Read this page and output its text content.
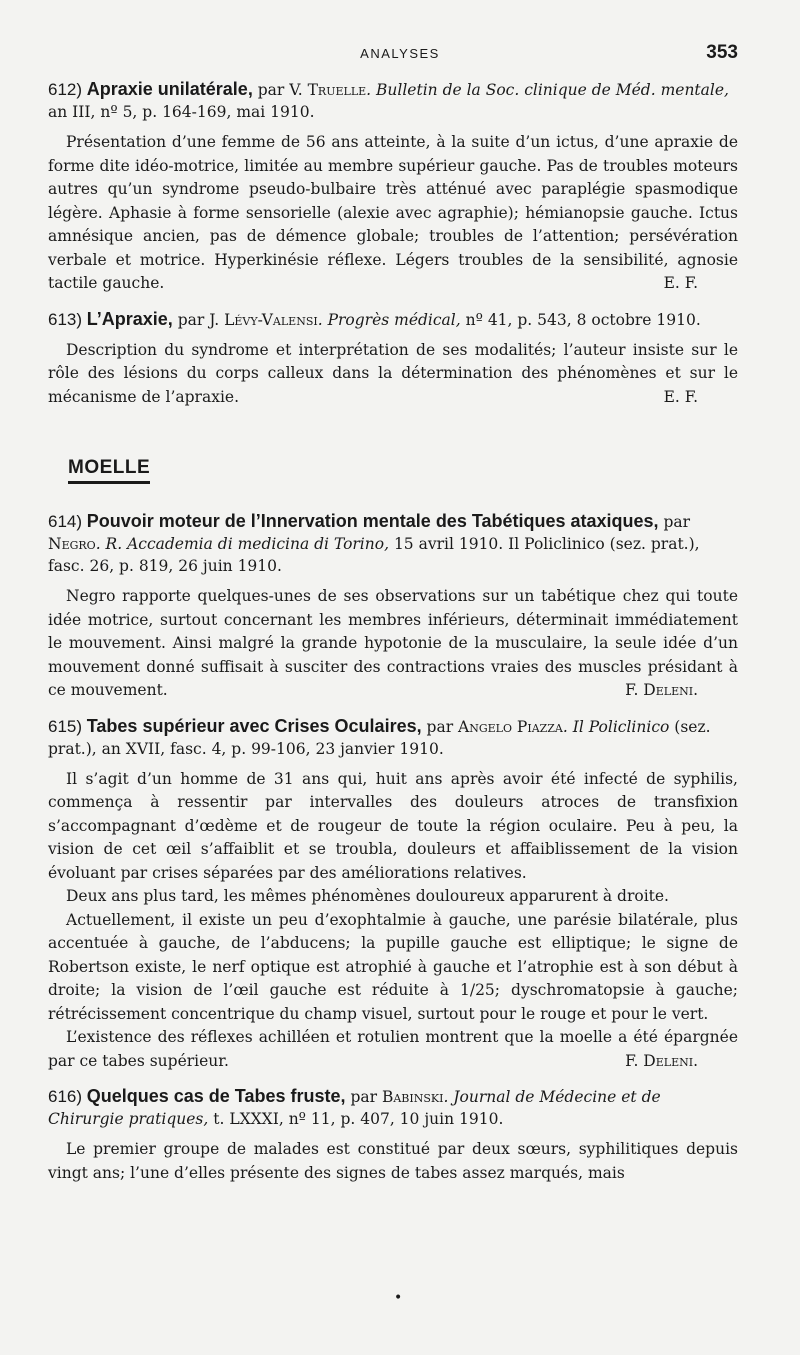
ANALYSES	353

612) Apraxie unilatérale, par V. Truelle. Bulletin de la Soc. clinique de Méd. mentale, an III, nº 5, p. 164-169, mai 1910.

Présentation d’une femme de 56 ans atteinte, à la suite d’un ictus, d’une apraxie de forme dite idéo-motrice, limitée au membre supérieur gauche. Pas de troubles moteurs autres qu’un syndrome pseudo-bulbaire très atténué avec paraplégie spasmodique légère. Aphasie à forme sensorielle (alexie avec agraphie); hémianopsie gauche. Ictus amnésique ancien, pas de démence globale; troubles de l’attention; persévération verbale et motrice. Hyperkinésie réflexe. Légers troubles de la sensibilité, agnosie tactile gauche.	E. F.

613) L’Apraxie, par J. Lévy-Valensi. Progrès médical, nº 41, p. 543, 8 octobre 1910.

Description du syndrome et interprétation de ses modalités; l’auteur insiste sur le rôle des lésions du corps calleux dans la détermination des phénomènes et sur le mécanisme de l’apraxie.	E. F.

MOELLE

614) Pouvoir moteur de l’Innervation mentale des Tabétiques ataxiques, par Negro. R. Accademia di medicina di Torino, 15 avril 1910. Il Policlinico (sez. prat.), fasc. 26, p. 819, 26 juin 1910.

Negro rapporte quelques-unes de ses observations sur un tabétique chez qui toute idée motrice, surtout concernant les membres inférieurs, déterminait immédiatement le mouvement. Ainsi malgré la grande hypotonie de la musculaire, la seule idée d’un mouvement donné suffisait à susciter des contractions vraies des muscles présidant à ce mouvement.	F. Deleni.

615) Tabes supérieur avec Crises Oculaires, par Angelo Piazza. Il Policlinico (sez. prat.), an XVII, fasc. 4, p. 99-106, 23 janvier 1910.

Il s’agit d’un homme de 31 ans qui, huit ans après avoir été infecté de syphilis, commença à ressentir par intervalles des douleurs atroces de transfixion s’accompagnant d’œdème et de rougeur de toute la région oculaire. Peu à peu, la vision de cet œil s’affaiblit et se troubla, douleurs et affaiblissement de la vision évoluant par crises séparées par des améliorations relatives.

Deux ans plus tard, les mêmes phénomènes douloureux apparurent à droite.

Actuellement, il existe un peu d’exophtalmie à gauche, une parésie bilatérale, plus accentuée à gauche, de l’abducens; la pupille gauche est elliptique; le signe de Robertson existe, le nerf optique est atrophié à gauche et l’atrophie est à son début à droite; la vision de l’œil gauche est réduite à 1/25; dyschromatopsie à gauche; rétrécissement concentrique du champ visuel, surtout pour le rouge et pour le vert.

L’existence des réflexes achilléen et rotulien montrent que la moelle a été épargnée par ce tabes supérieur.	F. Deleni.

616) Quelques cas de Tabes fruste, par Babinski. Journal de Médecine et de Chirurgie pratiques, t. LXXXI, nº 11, p. 407, 10 juin 1910.

Le premier groupe de malades est constitué par deux sœurs, syphilitiques depuis vingt ans; l’une d’elles présente des signes de tabes assez marqués, mais

•
